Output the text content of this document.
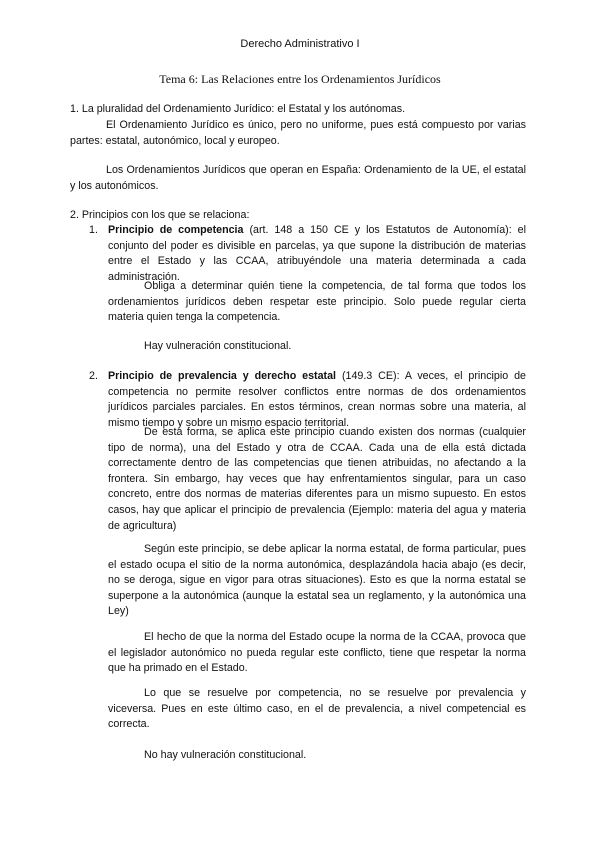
Derecho Administrativo I
Tema 6: Las Relaciones entre los Ordenamientos Jurídicos
1. La pluralidad del Ordenamiento Jurídico: el Estatal y los autónomas.
El Ordenamiento Jurídico es único, pero no uniforme, pues está compuesto por varias partes: estatal, autonómico, local y europeo.
Los Ordenamientos Jurídicos que operan en España: Ordenamiento de la UE, el estatal y los autonómicos.
2. Principios con los que se relaciona:
1. Principio de competencia (art. 148 a 150 CE y los Estatutos de Autonomía): el conjunto del poder es divisible en parcelas, ya que supone la distribución de materias entre el Estado y las CCAA, atribuyéndole una materia determinada a cada administración.
Obliga a determinar quién tiene la competencia, de tal forma que todos los ordenamientos jurídicos deben respetar este principio. Solo puede regular cierta materia quien tenga la competencia.
Hay vulneración constitucional.
2. Principio de prevalencia y derecho estatal (149.3 CE): A veces, el principio de competencia no permite resolver conflictos entre normas de dos ordenamientos jurídicos parciales parciales. En estos términos, crean normas sobre una materia, al mismo tiempo y sobre un mismo espacio territorial.
De esta forma, se aplica este principio cuando existen dos normas (cualquier tipo de norma), una del Estado y otra de CCAA. Cada una de ella está dictada correctamente dentro de las competencias que tienen atribuidas, no afectando a la frontera. Sin embargo, hay veces que hay enfrentamientos singular, para un caso concreto, entre dos normas de materias diferentes para un mismo supuesto. En estos casos, hay que aplicar el principio de prevalencia (Ejemplo: materia del agua y materia de agricultura)
Según este principio, se debe aplicar la norma estatal, de forma particular, pues el estado ocupa el sitio de la norma autonómica, desplazándola hacia abajo (es decir, no se deroga, sigue en vigor para otras situaciones). Esto es que la norma estatal se superpone a la autonómica (aunque la estatal sea un reglamento, y la autonómica una Ley)
El hecho de que la norma del Estado ocupe la norma de la CCAA, provoca que el legislador autonómico no pueda regular este conflicto, tiene que respetar la norma que ha primado en el Estado.
Lo que se resuelve por competencia, no se resuelve por prevalencia y viceversa. Pues en este último caso, en el de prevalencia, a nivel competencial es correcta.
No hay vulneración constitucional.
